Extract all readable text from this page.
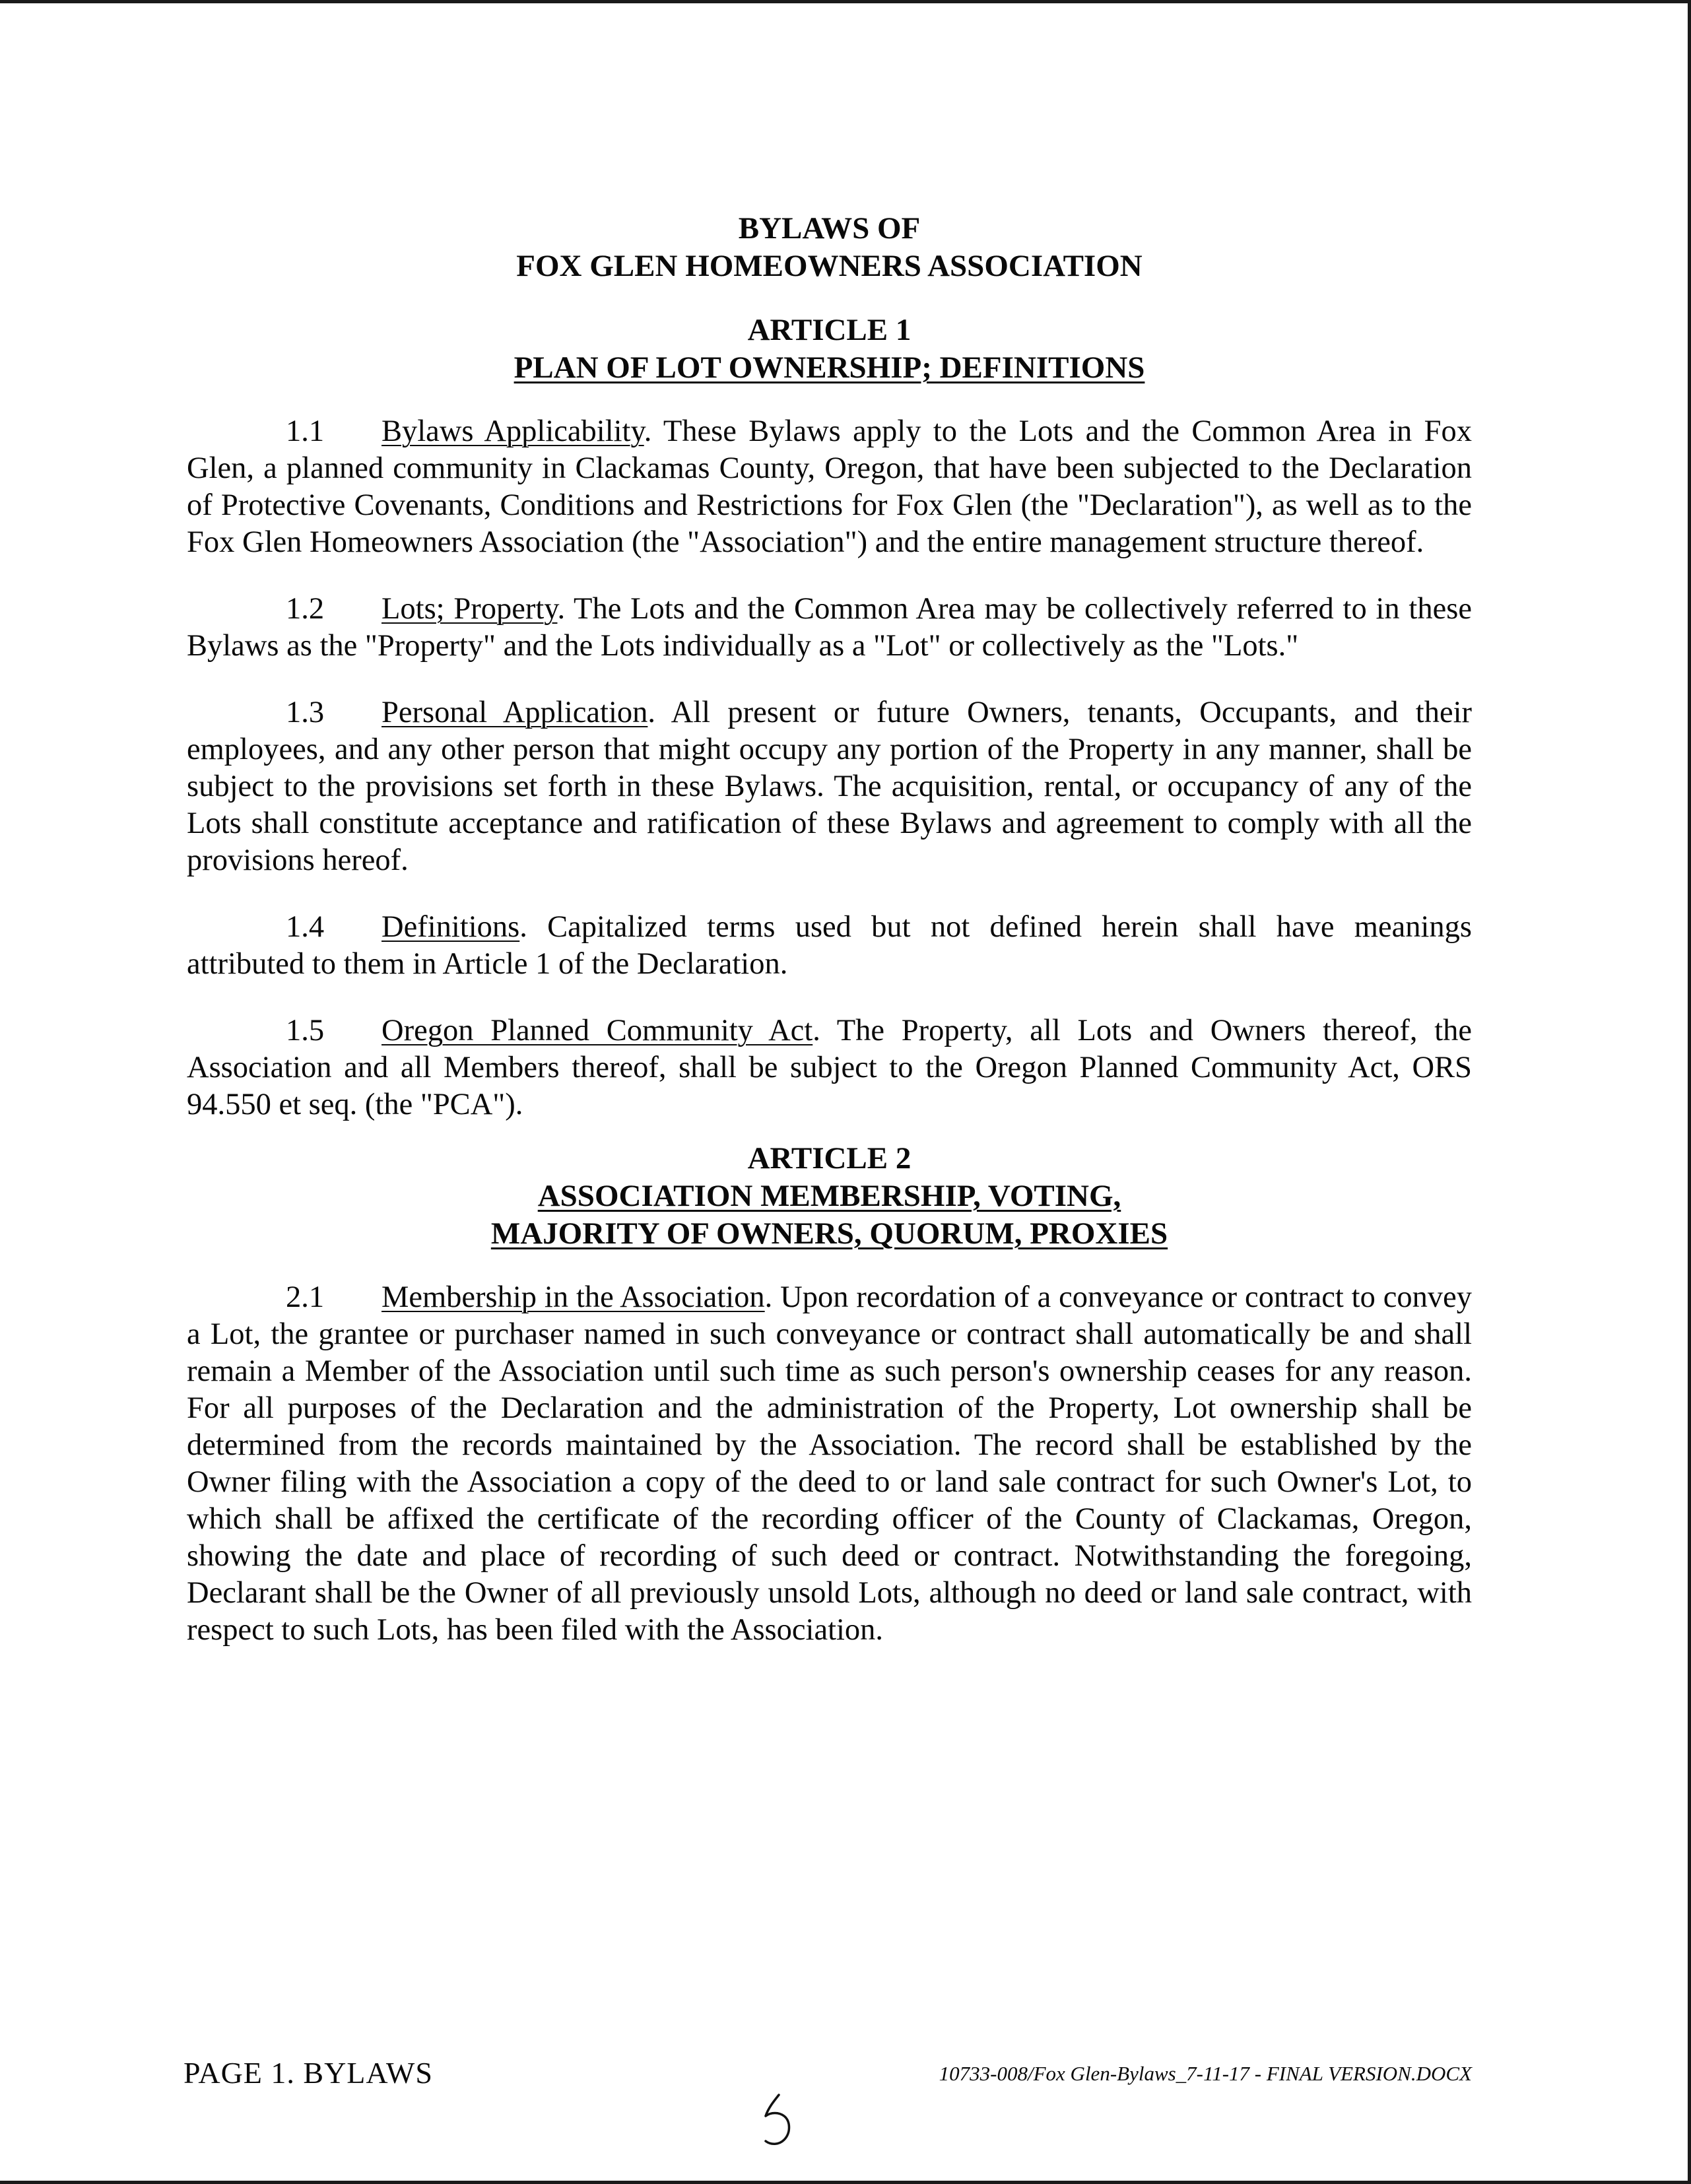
BYLAWS OF
FOX GLEN HOMEOWNERS ASSOCIATION
ARTICLE 1
PLAN OF LOT OWNERSHIP; DEFINITIONS

1.1 Bylaws Applicability. These Bylaws apply to the Lots and the Common Area in Fox Glen, a planned community in Clackamas County, Oregon, that have been subjected to the Declaration of Protective Covenants, Conditions and Restrictions for Fox Glen (the "Declaration"), as well as to the Fox Glen Homeowners Association (the "Association") and the entire management structure thereof.

1.2 Lots; Property. The Lots and the Common Area may be collectively referred to in these Bylaws as the "Property" and the Lots individually as a "Lot" or collectively as the "Lots."

1.3 Personal Application. All present or future Owners, tenants, Occupants, and their employees, and any other person that might occupy any portion of the Property in any manner, shall be subject to the provisions set forth in these Bylaws. The acquisition, rental, or occupancy of any of the Lots shall constitute acceptance and ratification of these Bylaws and agreement to comply with all the provisions hereof.

1.4 Definitions. Capitalized terms used but not defined herein shall have meanings attributed to them in Article 1 of the Declaration.

1.5 Oregon Planned Community Act. The Property, all Lots and Owners thereof, the Association and all Members thereof, shall be subject to the Oregon Planned Community Act, ORS 94.550 et seq. (the "PCA").

ARTICLE 2
ASSOCIATION MEMBERSHIP, VOTING,
MAJORITY OF OWNERS, QUORUM, PROXIES

2.1 Membership in the Association. Upon recordation of a conveyance or contract to convey a Lot, the grantee or purchaser named in such conveyance or contract shall automatically be and shall remain a Member of the Association until such time as such person's ownership ceases for any reason. For all purposes of the Declaration and the administration of the Property, Lot ownership shall be determined from the records maintained by the Association. The record shall be established by the Owner filing with the Association a copy of the deed to or land sale contract for such Owner's Lot, to which shall be affixed the certificate of the recording officer of the County of Clackamas, Oregon, showing the date and place of recording of such deed or contract. Notwithstanding the foregoing, Declarant shall be the Owner of all previously unsold Lots, although no deed or land sale contract, with respect to such Lots, has been filed with the Association.

PAGE 1. BYLAWS	10733-008/Fox Glen-Bylaws_7-11-17 - FINAL VERSION.DOCX
